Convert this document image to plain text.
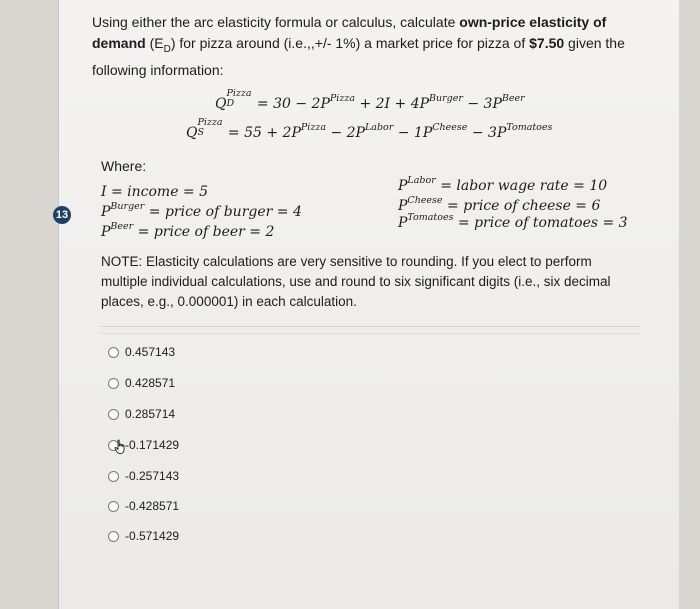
13
Using either the arc elasticity formula or calculus, calculate own-price elasticity of demand $(E_D)$ for pizza around (i.e.,,+/- 1%) a market price for pizza of $7.50 given the following information:
Q
Pizza
$D = 30 - 2P^{Pizza} + 2I + 4P^{Burger} - 3P^{Beer}$
Q
Pizza
$S = 55 + 2P^{Pizza} - 2P^{Labor} - 1P^{Cheese} - 3P^{Tomatoes}$
Where:
I = income = 5
$P^{Burger}$ = price of burger = 4
$P^{Beer}$ = price of beer = 2
$P^{Labor}$ = labor wage rate = 10
$P^{Cheese}$ = price of cheese = 6
$P^{Tomatoes}$ = price of tomatoes = 3
NOTE: Elasticity calculations are very sensitive to rounding. If you elect to perform multiple individual calculations, use and round to six significant digits (i.e., six decimal places, e.g., 0.000001) in each calculation.
0.457143
0.428571
0.285714
-0.171429
-0.257143
-0.428571
-0.571429
